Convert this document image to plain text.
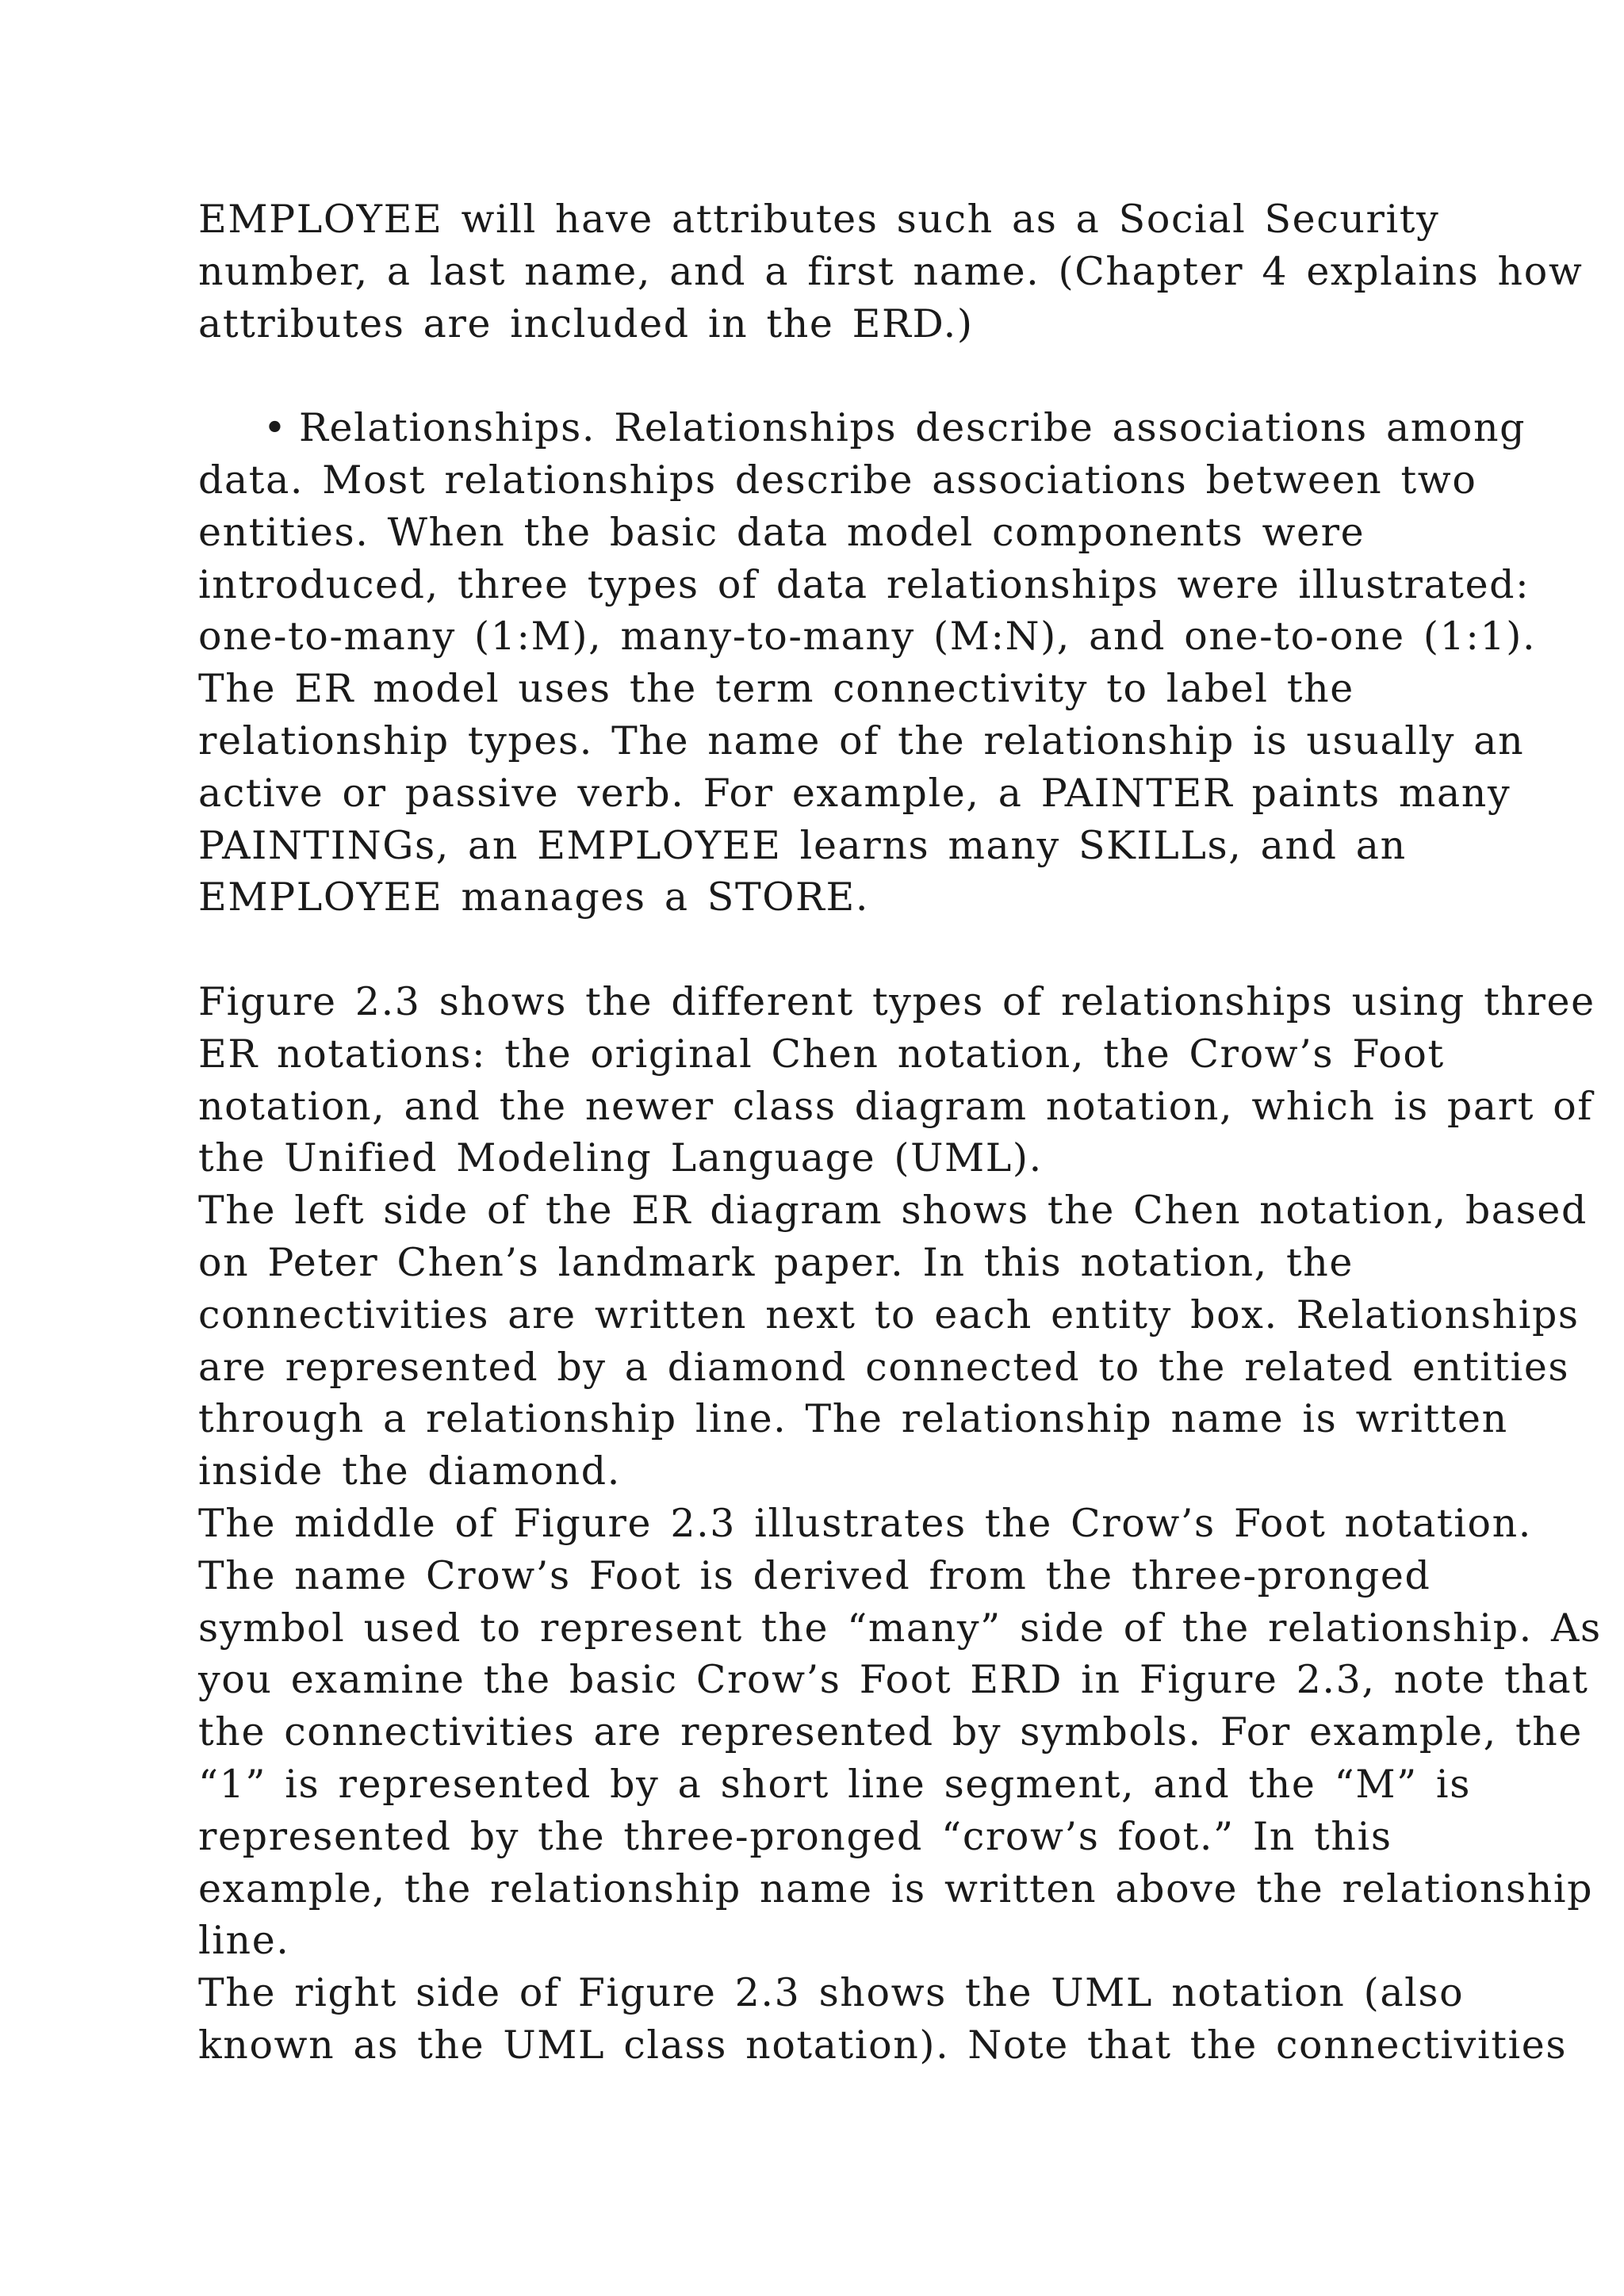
EMPLOYEE will have attributes such as a Social Security
number, a last name, and a first name. (Chapter 4 explains how
attributes are included in the ERD.)
• Relationships. Relationships describe associations among
data. Most relationships describe associations between two
entities. When the basic data model components were
introduced, three types of data relationships were illustrated:
one-to-many (1:M), many-to-many (M:N), and one-to-one (1:1).
The ER model uses the term connectivity to label the
relationship types. The name of the relationship is usually an
active or passive verb. For example, a PAINTER paints many
PAINTINGs, an EMPLOYEE learns many SKILLs, and an
EMPLOYEE manages a STORE.
Figure 2.3 shows the different types of relationships using three
ER notations: the original Chen notation, the Crow’s Foot
notation, and the newer class diagram notation, which is part of
the Unified Modeling Language (UML).
The left side of the ER diagram shows the Chen notation, based
on Peter Chen’s landmark paper. In this notation, the
connectivities are written next to each entity box. Relationships
are represented by a diamond connected to the related entities
through a relationship line. The relationship name is written
inside the diamond.
The middle of Figure 2.3 illustrates the Crow’s Foot notation.
The name Crow’s Foot is derived from the three-pronged
symbol used to represent the “many” side of the relationship. As
you examine the basic Crow’s Foot ERD in Figure 2.3, note that
the connectivities are represented by symbols. For example, the
“1” is represented by a short line segment, and the “M” is
represented by the three-pronged “crow’s foot.” In this
example, the relationship name is written above the relationship
line.
The right side of Figure 2.3 shows the UML notation (also
known as the UML class notation). Note that the connectivities
